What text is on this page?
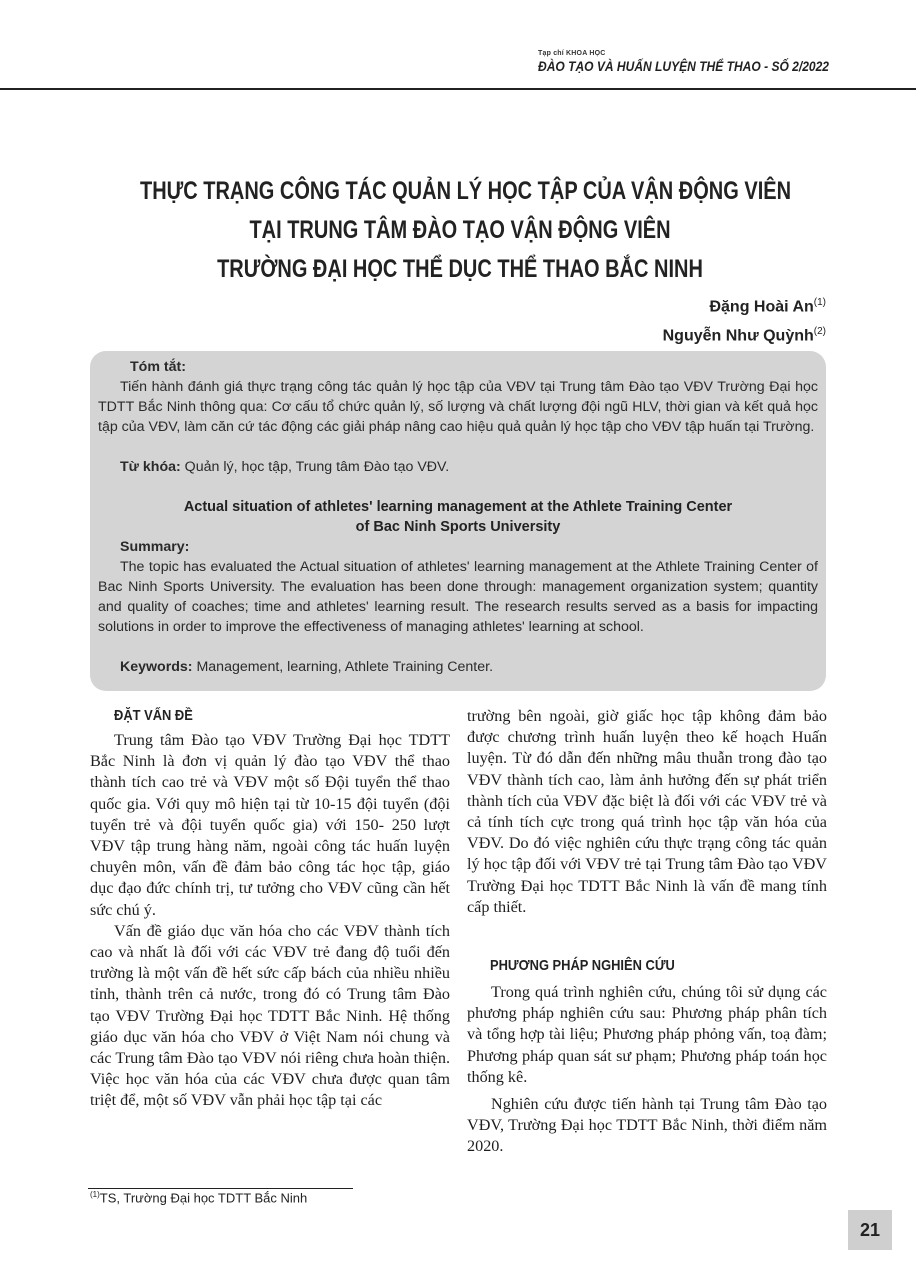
Tạp chí KHOA HỌC
ĐÀO TẠO VÀ HUẤN LUYỆN THỂ THAO - SỐ 2/2022
THỰC TRẠNG CÔNG TÁC QUẢN LÝ HỌC TẬP CỦA VẬN ĐỘNG VIÊN
TẠI TRUNG TÂM ĐÀO TẠO VẬN ĐỘNG VIÊN
TRƯỜNG ĐẠI HỌC THỂ DỤC THỂ THAO BẮC NINH
Đặng Hoài An$^{(1)}$
Nguyễn Như Quỳnh$^{(2)}$
Tóm tắt:
Tiến hành đánh giá thực trạng công tác quản lý học tập của VĐV tại Trung tâm Đào tạo VĐV Trường Đại học TDTT Bắc Ninh thông qua: Cơ cấu tổ chức quản lý, số lượng và chất lượng đội ngũ HLV, thời gian và kết quả học tập của VĐV, làm căn cứ tác động các giải pháp nâng cao hiệu quả quản lý học tập cho VĐV tập huấn tại Trường.
Từ khóa: Quản lý, học tập, Trung tâm Đào tạo VĐV.
Actual situation of athletes' learning management at the Athlete Training Center
of Bac Ninh Sports University
Summary:
The topic has evaluated the Actual situation of athletes' learning management at the Athlete Training Center of Bac Ninh Sports University. The evaluation has been done through: management organization system; quantity and quality of coaches; time and athletes' learning result. The research results served as a basis for impacting solutions in order to improve the effectiveness of managing athletes' learning at school.
Keywords: Management, learning, Athlete Training Center.
ĐẶT VẤN ĐỀ

Trung tâm Đào tạo VĐV Trường Đại học TDTT Bắc Ninh là đơn vị quản lý đào tạo VĐV thể thao thành tích cao trẻ và VĐV một số Đội tuyển thể thao quốc gia. Với quy mô hiện tại từ 10-15 đội tuyển (đội tuyển trẻ và đội tuyển quốc gia) với 150- 250 lượt VĐV tập trung hàng năm, ngoài công tác huấn luyện chuyên môn, vấn đề đảm bảo công tác học tập, giáo dục đạo đức chính trị, tư tưởng cho VĐV cũng cần hết sức chú ý.

Vấn đề giáo dục văn hóa cho các VĐV thành tích cao và nhất là đối với các VĐV trẻ đang độ tuổi đến trường là một vấn đề hết sức cấp bách của nhiều nhiều tỉnh, thành trên cả nước, trong đó có Trung tâm Đào tạo VĐV Trường Đại học TDTT Bắc Ninh. Hệ thống giáo dục văn hóa cho VĐV ở Việt Nam nói chung và các Trung tâm Đào tạo VĐV nói riêng chưa hoàn thiện. Việc học văn hóa của các VĐV chưa được quan tâm triệt để, một số VĐV vẫn phải học tập tại các

trường bên ngoài, giờ giấc học tập không đảm bảo được chương trình huấn luyện theo kế hoạch Huấn luyện. Từ đó dẫn đến những mâu thuẫn trong đào tạo VĐV thành tích cao, làm ảnh hưởng đến sự phát triển thành tích của VĐV đặc biệt là đối với các VĐV trẻ và cả tính tích cực trong quá trình học tập văn hóa của VĐV. Do đó việc nghiên cứu thực trạng công tác quản lý học tập đối với VĐV trẻ tại Trung tâm Đào tạo VĐV Trường Đại học TDTT Bắc Ninh là vấn đề mang tính cấp thiết.

PHƯƠNG PHÁP NGHIÊN CỨU

Trong quá trình nghiên cứu, chúng tôi sử dụng các phương pháp nghiên cứu sau: Phương pháp phân tích và tổng hợp tài liệu; Phương pháp phỏng vấn, toạ đàm; Phương pháp quan sát sư phạm; Phương pháp toán học thống kê.

Nghiên cứu được tiến hành tại Trung tâm Đào tạo VĐV, Trường Đại học TDTT Bắc Ninh, thời điểm năm 2020.

$^{(1)}$TS, Trường Đại học TDTT Bắc Ninh
21
